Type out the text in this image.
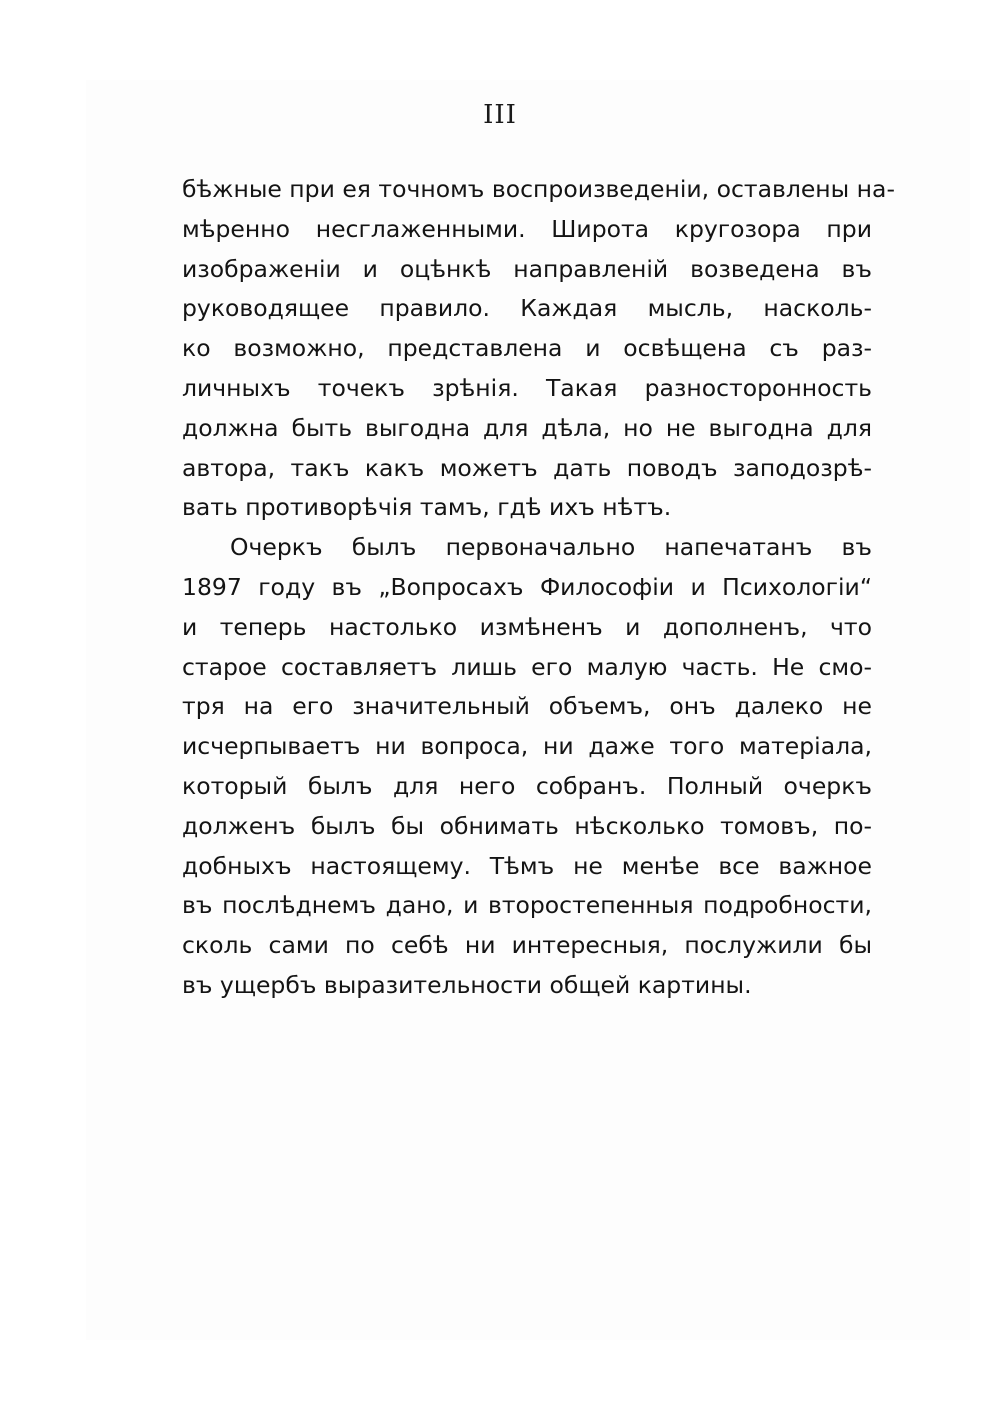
III
бѣжные при ея точномъ воспроизведенiи, оставлены на-
мѣренно несглаженными. Широта кругозора при
изображенiи и оцѣнкѣ направленiй возведена въ
руководящее правило. Каждая мысль, насколь-
ко возможно, представлена и освѣщена съ раз-
личныхъ точекъ зрѣнiя. Такая разносторонность
должна быть выгодна для дѣла, но не выгодна для
автора, такъ какъ можетъ дать поводъ заподозрѣ-
вать противорѣчiя тамъ, гдѣ ихъ нѣтъ.
Очеркъ былъ первоначально напечатанъ въ
1897 году въ „Вопросахъ Философiи и Психологiи“
и теперь настолько измѣненъ и дополненъ, что
старое составляетъ лишь его малую часть. Не смо-
тря на его значительный объемъ, онъ далеко не
исчерпываетъ ни вопроса, ни даже того матерiала,
который былъ для него собранъ. Полный очеркъ
долженъ былъ бы обнимать нѣсколько томовъ, по-
добныхъ настоящему. Тѣмъ не менѣе все важное
въ послѣднемъ дано, и второстепенныя подробности,
сколь сами по себѣ ни интересныя, послужили бы
въ ущербъ выразительности общей картины.
